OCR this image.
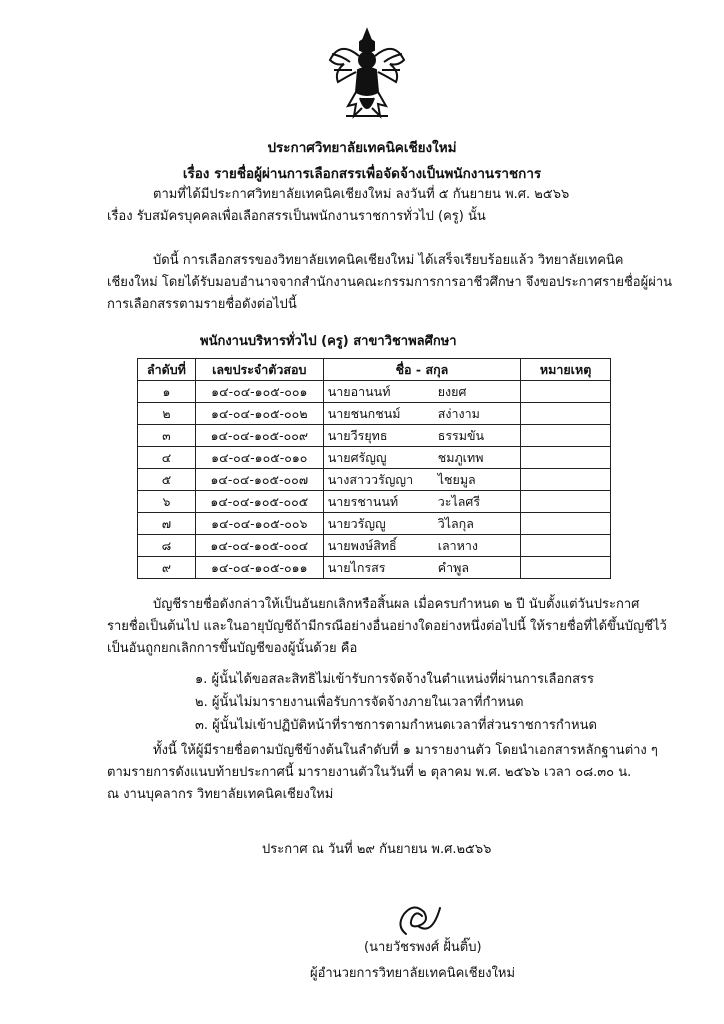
ประกาศวิทยาลัยเทคนิคเชียงใหม่
เรื่อง รายชื่อผู้ผ่านการเลือกสรรเพื่อจัดจ้างเป็นพนักงานราชการ
ตามที่ได้มีประกาศวิทยาลัยเทคนิคเชียงใหม่ ลงวันที่ ๕ กันยายน พ.ศ. ๒๕๖๖
เรื่อง รับสมัครบุคคลเพื่อเลือกสรรเป็นพนักงานราชการทั่วไป (ครู) นั้น
บัดนี้ การเลือกสรรของวิทยาลัยเทคนิคเชียงใหม่ ได้เสร็จเรียบร้อยแล้ว วิทยาลัยเทคนิค
เชียงใหม่ โดยได้รับมอบอำนาจจากสำนักงานคณะกรรมการการอาชีวศึกษา จึงขอประกาศรายชื่อผู้ผ่าน
การเลือกสรรตามรายชื่อดังต่อไปนี้
พนักงานบริหารทั่วไป (ครู) สาขาวิชาพลศึกษา
ลำดับที่	เลขประจำตัวสอบ	ชื่อ - สกุล	หมายเหตุ
๑	๑๔-๐๔-๑๐๕-๐๐๑	นายอานนท์ ยงยศ	
๒	๑๔-๐๔-๑๐๕-๐๐๒	นายชนกชนม์ สง่างาม	
๓	๑๔-๐๔-๑๐๕-๐๐๙	นายวีรยุทธ ธรรมขัน	
๔	๑๔-๐๔-๑๐๕-๐๑๐	นายศรัญญู ชมภูเทพ	
๕	๑๔-๐๔-๑๐๕-๐๐๗	นางสาววรัญญา ไชยมูล	
๖	๑๔-๐๔-๑๐๕-๐๐๕	นายรชานนท์ วะไลศรี	
๗	๑๔-๐๔-๑๐๕-๐๐๖	นายวรัญญู วิไลกุล	
๘	๑๔-๐๔-๑๐๕-๐๐๔	นายพงษ์สิทธิ์ เลาหาง	
๙	๑๔-๐๔-๑๐๕-๐๑๑	นายไกรสร คำพูล	
บัญชีรายชื่อดังกล่าวให้เป็นอันยกเลิกหรือสิ้นผล เมื่อครบกำหนด ๒ ปี นับตั้งแต่วันประกาศ
รายชื่อเป็นต้นไป และในอายุบัญชีถ้ามีกรณีอย่างอื่นอย่างใดอย่างหนึ่งต่อไปนี้ ให้รายชื่อที่ได้ขึ้นบัญชีไว้
เป็นอันถูกยกเลิกการขึ้นบัญชีของผู้นั้นด้วย คือ
๑. ผู้นั้นได้ขอสละสิทธิไม่เข้ารับการจัดจ้างในตำแหน่งที่ผ่านการเลือกสรร
๒. ผู้นั้นไม่มารายงานเพื่อรับการจัดจ้างภายในเวลาที่กำหนด
๓. ผู้นั้นไม่เข้าปฏิบัติหน้าที่ราชการตามกำหนดเวลาที่ส่วนราชการกำหนด
ทั้งนี้ ให้ผู้มีรายชื่อตามบัญชีข้างต้นในลำดับที่ ๑ มารายงานตัว โดยนำเอกสารหลักฐานต่าง ๆ
ตามรายการดังแนบท้ายประกาศนี้ มารายงานตัวในวันที่ ๒ ตุลาคม พ.ศ. ๒๕๖๖ เวลา ๐๘.๓๐ น.
ณ งานบุคลากร วิทยาลัยเทคนิคเชียงใหม่
ประกาศ ณ วันที่ ๒๙ กันยายน พ.ศ.๒๕๖๖
(นายวัชรพงศ์ ฝั้นติ๊บ)
ผู้อำนวยการวิทยาลัยเทคนิคเชียงใหม่
